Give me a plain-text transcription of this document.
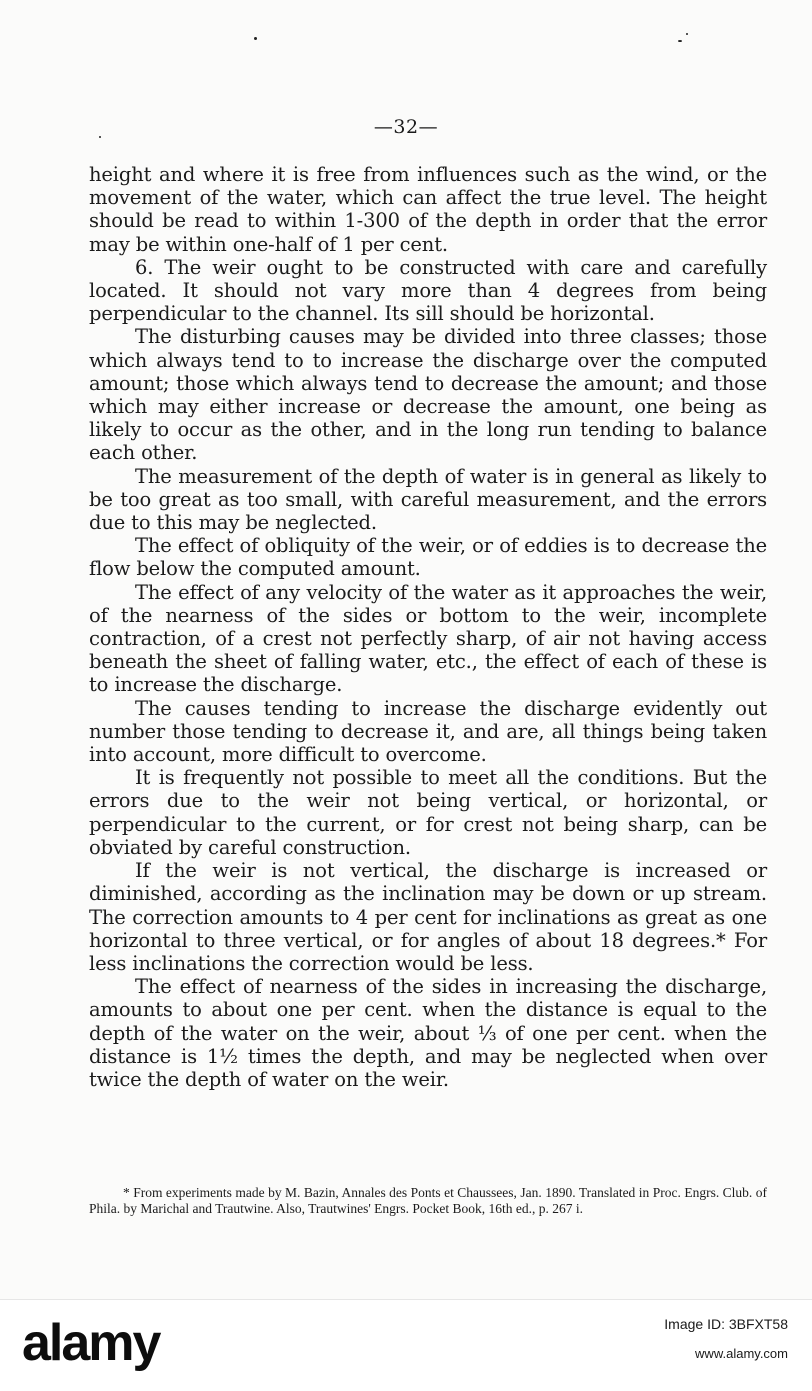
—32—

height and where it is free from influences such as the wind, or the movement of the water, which can affect the true level. The height should be read to within 1-300 of the depth in order that the error may be within one-half of 1 per cent.

6. The weir ought to be constructed with care and carefully located. It should not vary more than 4 degrees from being perpendicular to the channel. Its sill should be horizontal.

The disturbing causes may be divided into three classes; those which always tend to to increase the discharge over the computed amount; those which always tend to decrease the amount; and those which may either increase or decrease the amount, one being as likely to occur as the other, and in the long run tending to balance each other.

The measurement of the depth of water is in general as likely to be too great as too small, with careful measurement, and the errors due to this may be neglected.

The effect of obliquity of the weir, or of eddies is to decrease the flow below the computed amount.

The effect of any velocity of the water as it approaches the weir, of the nearness of the sides or bottom to the weir, incomplete contraction, of a crest not perfectly sharp, of air not having access beneath the sheet of falling water, etc., the effect of each of these is to increase the discharge.

The causes tending to increase the discharge evidently out number those tending to decrease it, and are, all things being taken into account, more difficult to overcome.

It is frequently not possible to meet all the conditions. But the errors due to the weir not being vertical, or horizontal, or perpendicular to the current, or for crest not being sharp, can be obviated by careful construction.

If the weir is not vertical, the discharge is increased or diminished, according as the inclination may be down or up stream. The correction amounts to 4 per cent for inclinations as great as one horizontal to three vertical, or for angles of about 18 degrees.* For less inclinations the correction would be less.

The effect of nearness of the sides in increasing the discharge, amounts to about one per cent. when the distance is equal to the depth of the water on the weir, about ⅓ of one per cent. when the distance is 1½ times the depth, and may be neglected when over twice the depth of water on the weir.

* From experiments made by M. Bazin, Annales des Ponts et Chaussees, Jan. 1890. Translated in Proc. Engrs. Club. of Phila. by Marichal and Trautwine. Also, Trautwines' Engrs. Pocket Book, 16th ed., p. 267 i.

alamy	Image ID: 3BFXT58
www.alamy.com
